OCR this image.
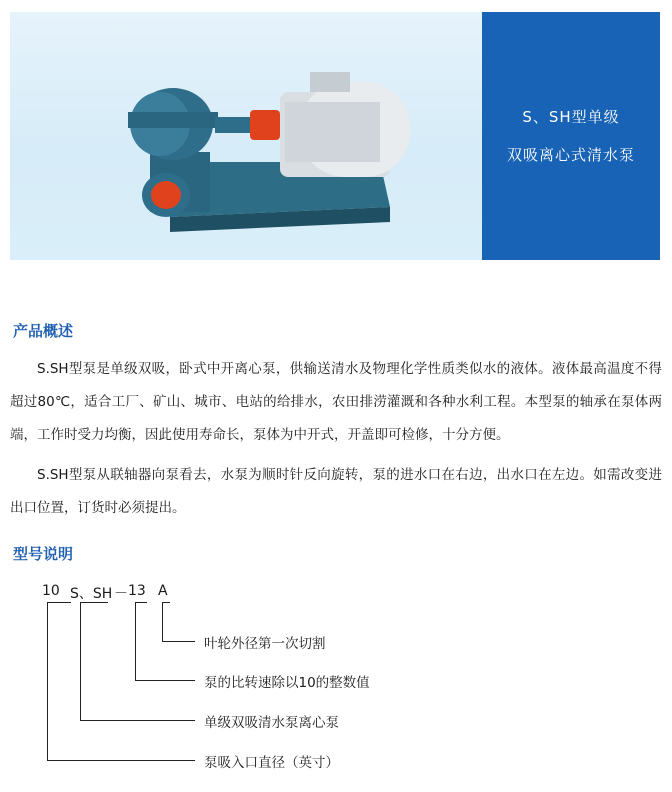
S、SH型单级
双吸离心式清水泵
产品概述
S.SH型泵是单级双吸，卧式中开离心泵，供输送清水及物理化学性质类似水的液体。液体最高温度不得超过80℃，适合工厂、矿山、城市、电站的给排水，农田排涝灌溉和各种水利工程。本型泵的轴承在泵体两端，工作时受力均衡，因此使用寿命长，泵体为中开式，开盖即可检修，十分方便。
S.SH型泵从联轴器向泵看去，水泵为顺时针反向旋转，泵的进水口在右边，出水口在左边。如需改变进出口位置，订货时必须提出。
型号说明
10 S、SH － 13 A
叶轮外径第一次切割
泵的比转速除以10的整数值
单级双吸清水泵离心泵
泵吸入口直径（英寸）
